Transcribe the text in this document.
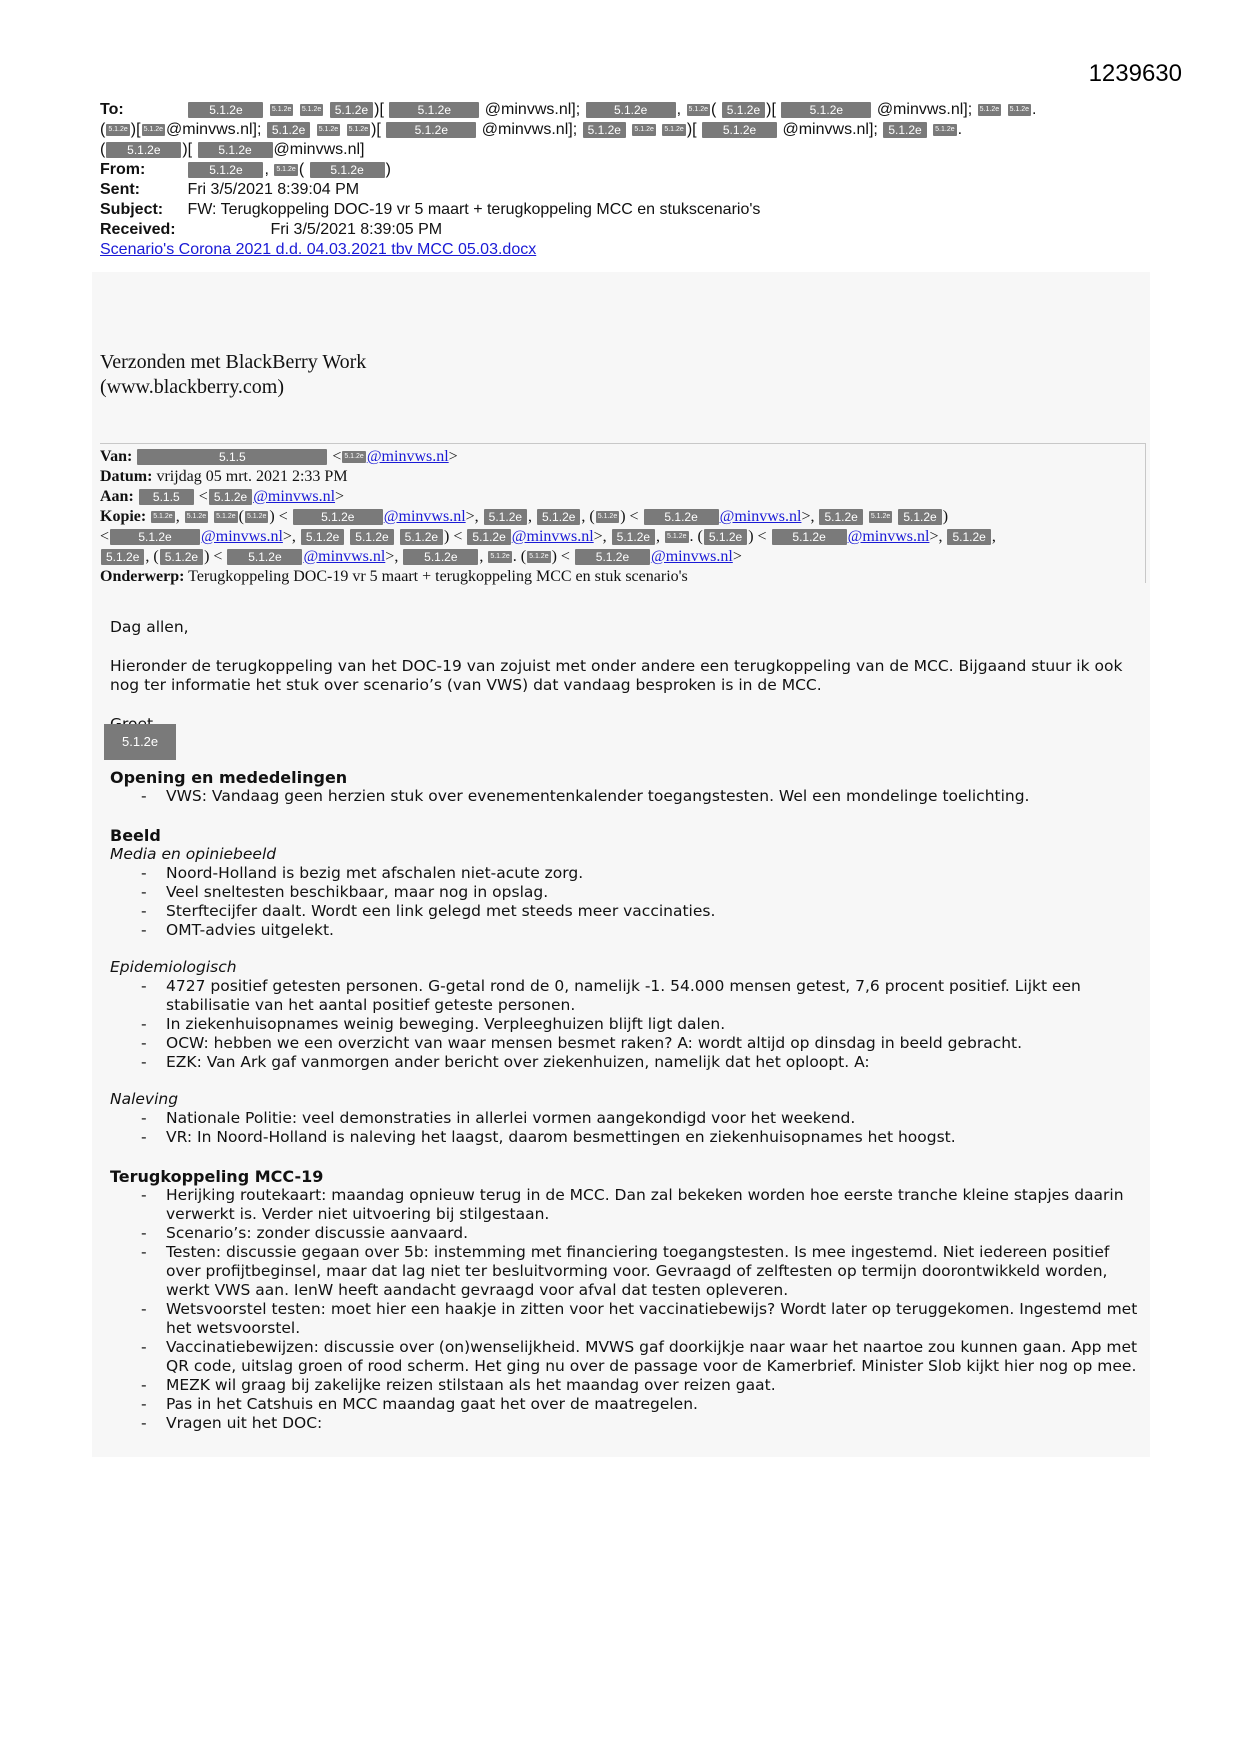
1239630
To:	5.1.2e	5.1.2e 5.1.2e 5.1.2e )[ 5.1.2e @minvws.nl];	5.1.2e , 5.1.2e ( 5.1.2e )[ 5.1.2e @minvws.nl]; 5.1.2e 5.1.2e .
( 5.1.2e )[ 5.1.2e @minvws.nl]; 5.1.2e 5.1.2e 5.1.2e )[ 5.1.2e @minvws.nl]; 5.1.2e 5.1.2e 5.1.2e )[ 5.1.2e @minvws.nl]; 5.1.2e 5.1.2e .
( 5.1.2e )[ 5.1.2e @minvws.nl]
From:	5.1.2e , 5.1.2e ( 5.1.2e )
Sent:	Fri 3/5/2021 8:39:04 PM
Subject: FW: Terugkoppeling DOC-19 vr 5 maart + terugkoppeling MCC en stukscenario's
Received:	Fri 3/5/2021 8:39:05 PM
Scenario's Corona 2021 d.d. 04.03.2021 tbv MCC 05.03.docx
Verzonden met BlackBerry Work
(www.blackberry.com)
Van:	5.1.5	< 5.1.2e @minvws.nl>
Datum: vrijdag 05 mrt. 2021 2:33 PM
Aan: 5.1.5 < 5.1.2e @minvws.nl>
Kopie: 5.1.2e , 5.1.2e 5.1.2e ( 5.1.2e ) < 5.1.2e @minvws.nl>, 5.1.2e , 5.1.2e , ( 5.1.2e ) < 5.1.2e @minvws.nl>, 5.1.2e 5.1.2e 5.1.2e )
< 5.1.2e @minvws.nl>, 5.1.2e 5.1.2e 5.1.2e ) < 5.1.2e @minvws.nl>, 5.1.2e , 5.1.2e . ( 5.1.2e ) < 5.1.2e @minvws.nl>, 5.1.2e ,
5.1.2e , ( 5.1.2e ) < 5.1.2e @minvws.nl>, 5.1.2e , 5.1.2e . ( 5.1.2e ) < 5.1.2e @minvws.nl>
Onderwerp: Terugkoppeling DOC-19 vr 5 maart + terugkoppeling MCC en stuk scenario's

Dag allen,

Hieronder de terugkoppeling van het DOC-19 van zojuist met onder andere een terugkoppeling van de MCC. Bijgaand stuur ik ook nog ter informatie het stuk over scenario’s (van VWS) dat vandaag besproken is in de MCC.

5.1.2e
Opening en mededelingen
- VWS: Vandaag geen herzien stuk over evenementenkalender toegangstesten. Wel een mondelinge toelichting.
Beeld
Media en opiniebeeld
- Noord-Holland is bezig met afschalen niet-acute zorg.
- Veel sneltesten beschikbaar, maar nog in opslag.
- Sterftecijfer daalt. Wordt een link gelegd met steeds meer vaccinaties.
- OMT-advies uitgelekt.
Epidemiologisch
- 4727 positief getesten personen. G-getal rond de 0, namelijk -1. 54.000 mensen getest, 7,6 procent positief. Lijkt een stabilisatie van het aantal positief geteste personen.
- In ziekenhuisopnames weinig beweging. Verpleeghuizen blijft ligt dalen.
- OCW: hebben we een overzicht van waar mensen besmet raken? A: wordt altijd op dinsdag in beeld gebracht.
- EZK: Van Ark gaf vanmorgen ander bericht over ziekenhuizen, namelijk dat het oploopt. A:
Naleving
- Nationale Politie: veel demonstraties in allerlei vormen aangekondigd voor het weekend.
- VR: In Noord-Holland is naleving het laagst, daarom besmettingen en ziekenhuisopnames het hoogst.
Terugkoppeling MCC-19
- Herijking routekaart: maandag opnieuw terug in de MCC. Dan zal bekeken worden hoe eerste tranche kleine stapjes daarin verwerkt is. Verder niet uitvoering bij stilgestaan.
- Scenario’s: zonder discussie aanvaard.
- Testen: discussie gegaan over 5b: instemming met financiering toegangstesten. Is mee ingestemd. Niet iedereen positief over profijtbeginsel, maar dat lag niet ter besluitvorming voor. Gevraagd of zelftesten op termijn doorontwikkeld worden, werkt VWS aan. IenW heeft aandacht gevraagd voor afval dat testen opleveren.
- Wetsvoorstel testen: moet hier een haakje in zitten voor het vaccinatiebewijs? Wordt later op teruggekomen. Ingestemd met het wetsvoorstel.
- Vaccinatiebewijzen: discussie over (on)wenselijkheid. MVWS gaf doorkijkje naar waar het naartoe zou kunnen gaan. App met QR code, uitslag groen of rood scherm. Het ging nu over de passage voor de Kamerbrief. Minister Slob kijkt hier nog op mee.
- MEZK wil graag bij zakelijke reizen stilstaan als het maandag over reizen gaat.
- Pas in het Catshuis en MCC maandag gaat het over de maatregelen.
- Vragen uit het DOC:
